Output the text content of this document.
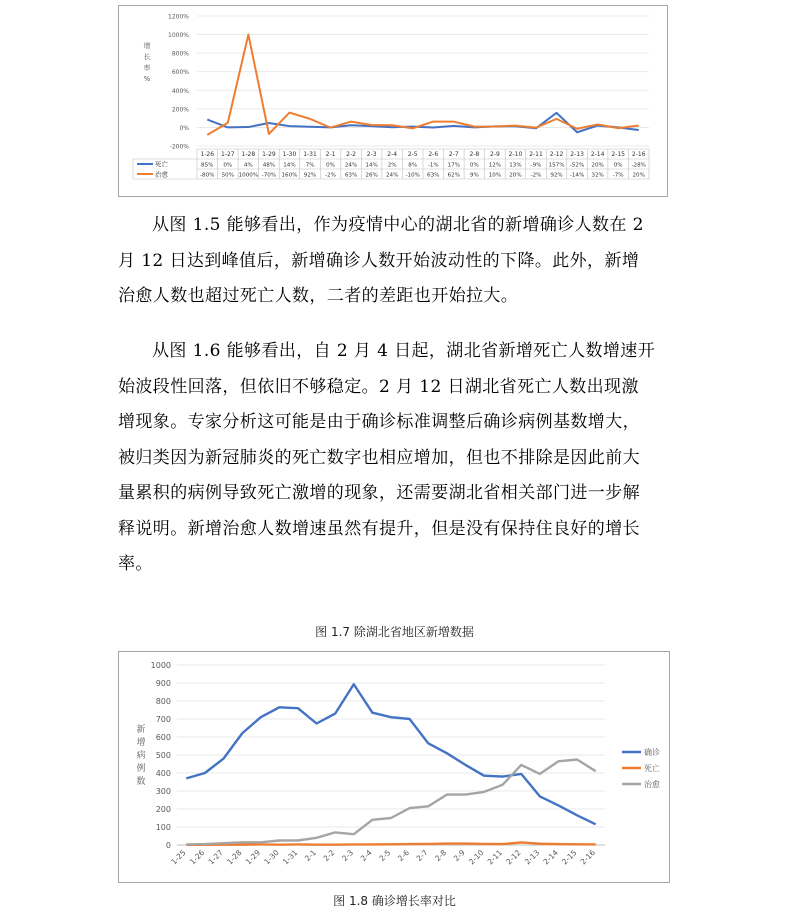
1200%
1000%
800%
600%
400%
200%
0%
-200%
增
长
率
%
1-26 1-27 1-28 1-29 1-30 1-31 2-1 2-2 2-3 2-4 2-5 2-6 2-7 2-8 2-9 2-10 2-11 2-12 2-13 2-14 2-15 2-16
死亡	85% 0% 4% 48% 14% 7% 0% 24% 14% 2% 8% -1% 17% 0% 12% 13% -9% 157% -52% 20% 0% -28%
治愈	-80% 50% 1000% -70% 160% 92% -2% 63% 26% 24% -10% 63% 62% 9% 10% 20% -2% 92% -14% 32% -7% 20%
从图 1.5 能够看出，作为疫情中心的湖北省的新增确诊人数在 2
月 12 日达到峰值后，新增确诊人数开始波动性的下降。此外，新增
治愈人数也超过死亡人数，二者的差距也开始拉大。
从图 1.6 能够看出，自 2 月 4 日起，湖北省新增死亡人数增速开
始波段性回落，但依旧不够稳定。2 月 12 日湖北省死亡人数出现激
增现象。专家分析这可能是由于确诊标准调整后确诊病例基数增大，
被归类因为新冠肺炎的死亡数字也相应增加，但也不排除是因此前大
量累积的病例导致死亡激增的现象，还需要湖北省相关部门进一步解
释说明。新增治愈人数增速虽然有提升，但是没有保持住良好的增长
率。
图 1.7 除湖北省地区新增数据
0
100
200
300
400
500
600
700
800
900
1000
新
增
病
例
数
1-25 1-26 1-27 1-28 1-29 1-30 1-31 2-1 2-2 2-3 2-4 2-5 2-6 2-7 2-8 2-9 2-10 2-11 2-12 2-13 2-14 2-15 2-16
确诊
死亡
治愈
图 1.8 确诊增长率对比
